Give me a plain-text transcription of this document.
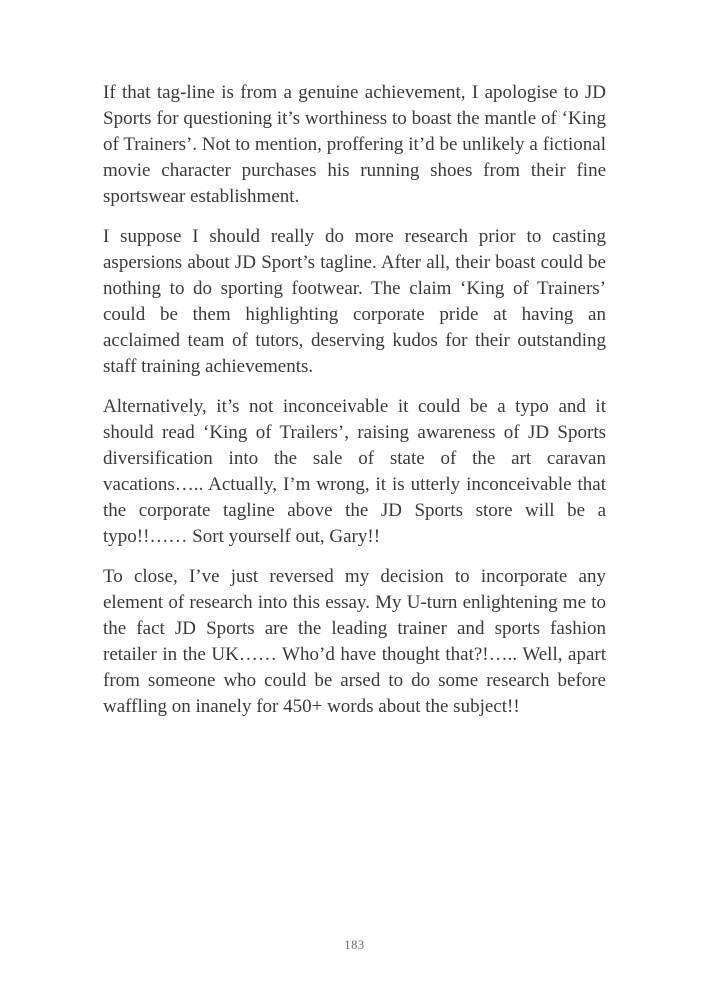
If that tag-line is from a genuine achievement, I apologise to JD Sports for questioning it’s worthiness to boast the mantle of ‘King of Trainers’. Not to mention, proffering it’d be unlikely a fictional movie character purchases his running shoes from their fine sportswear establishment.

I suppose I should really do more research prior to casting aspersions about JD Sport’s tagline. After all, their boast could be nothing to do sporting footwear. The claim ‘King of Trainers’ could be them highlighting corporate pride at having an acclaimed team of tutors, deserving kudos for their outstanding staff training achievements.

Alternatively, it’s not inconceivable it could be a typo and it should read ‘King of Trailers’, raising awareness of JD Sports diversification into the sale of state of the art caravan vacations….. Actually, I’m wrong, it is utterly inconceivable that the corporate tagline above the JD Sports store will be a typo!!…… Sort yourself out, Gary!!

To close, I’ve just reversed my decision to incorporate any element of research into this essay. My U-turn enlightening me to the fact JD Sports are the leading trainer and sports fashion retailer in the UK…… Who’d have thought that?!….. Well, apart from someone who could be arsed to do some research before waffling on inanely for 450+ words about the subject!!

183
